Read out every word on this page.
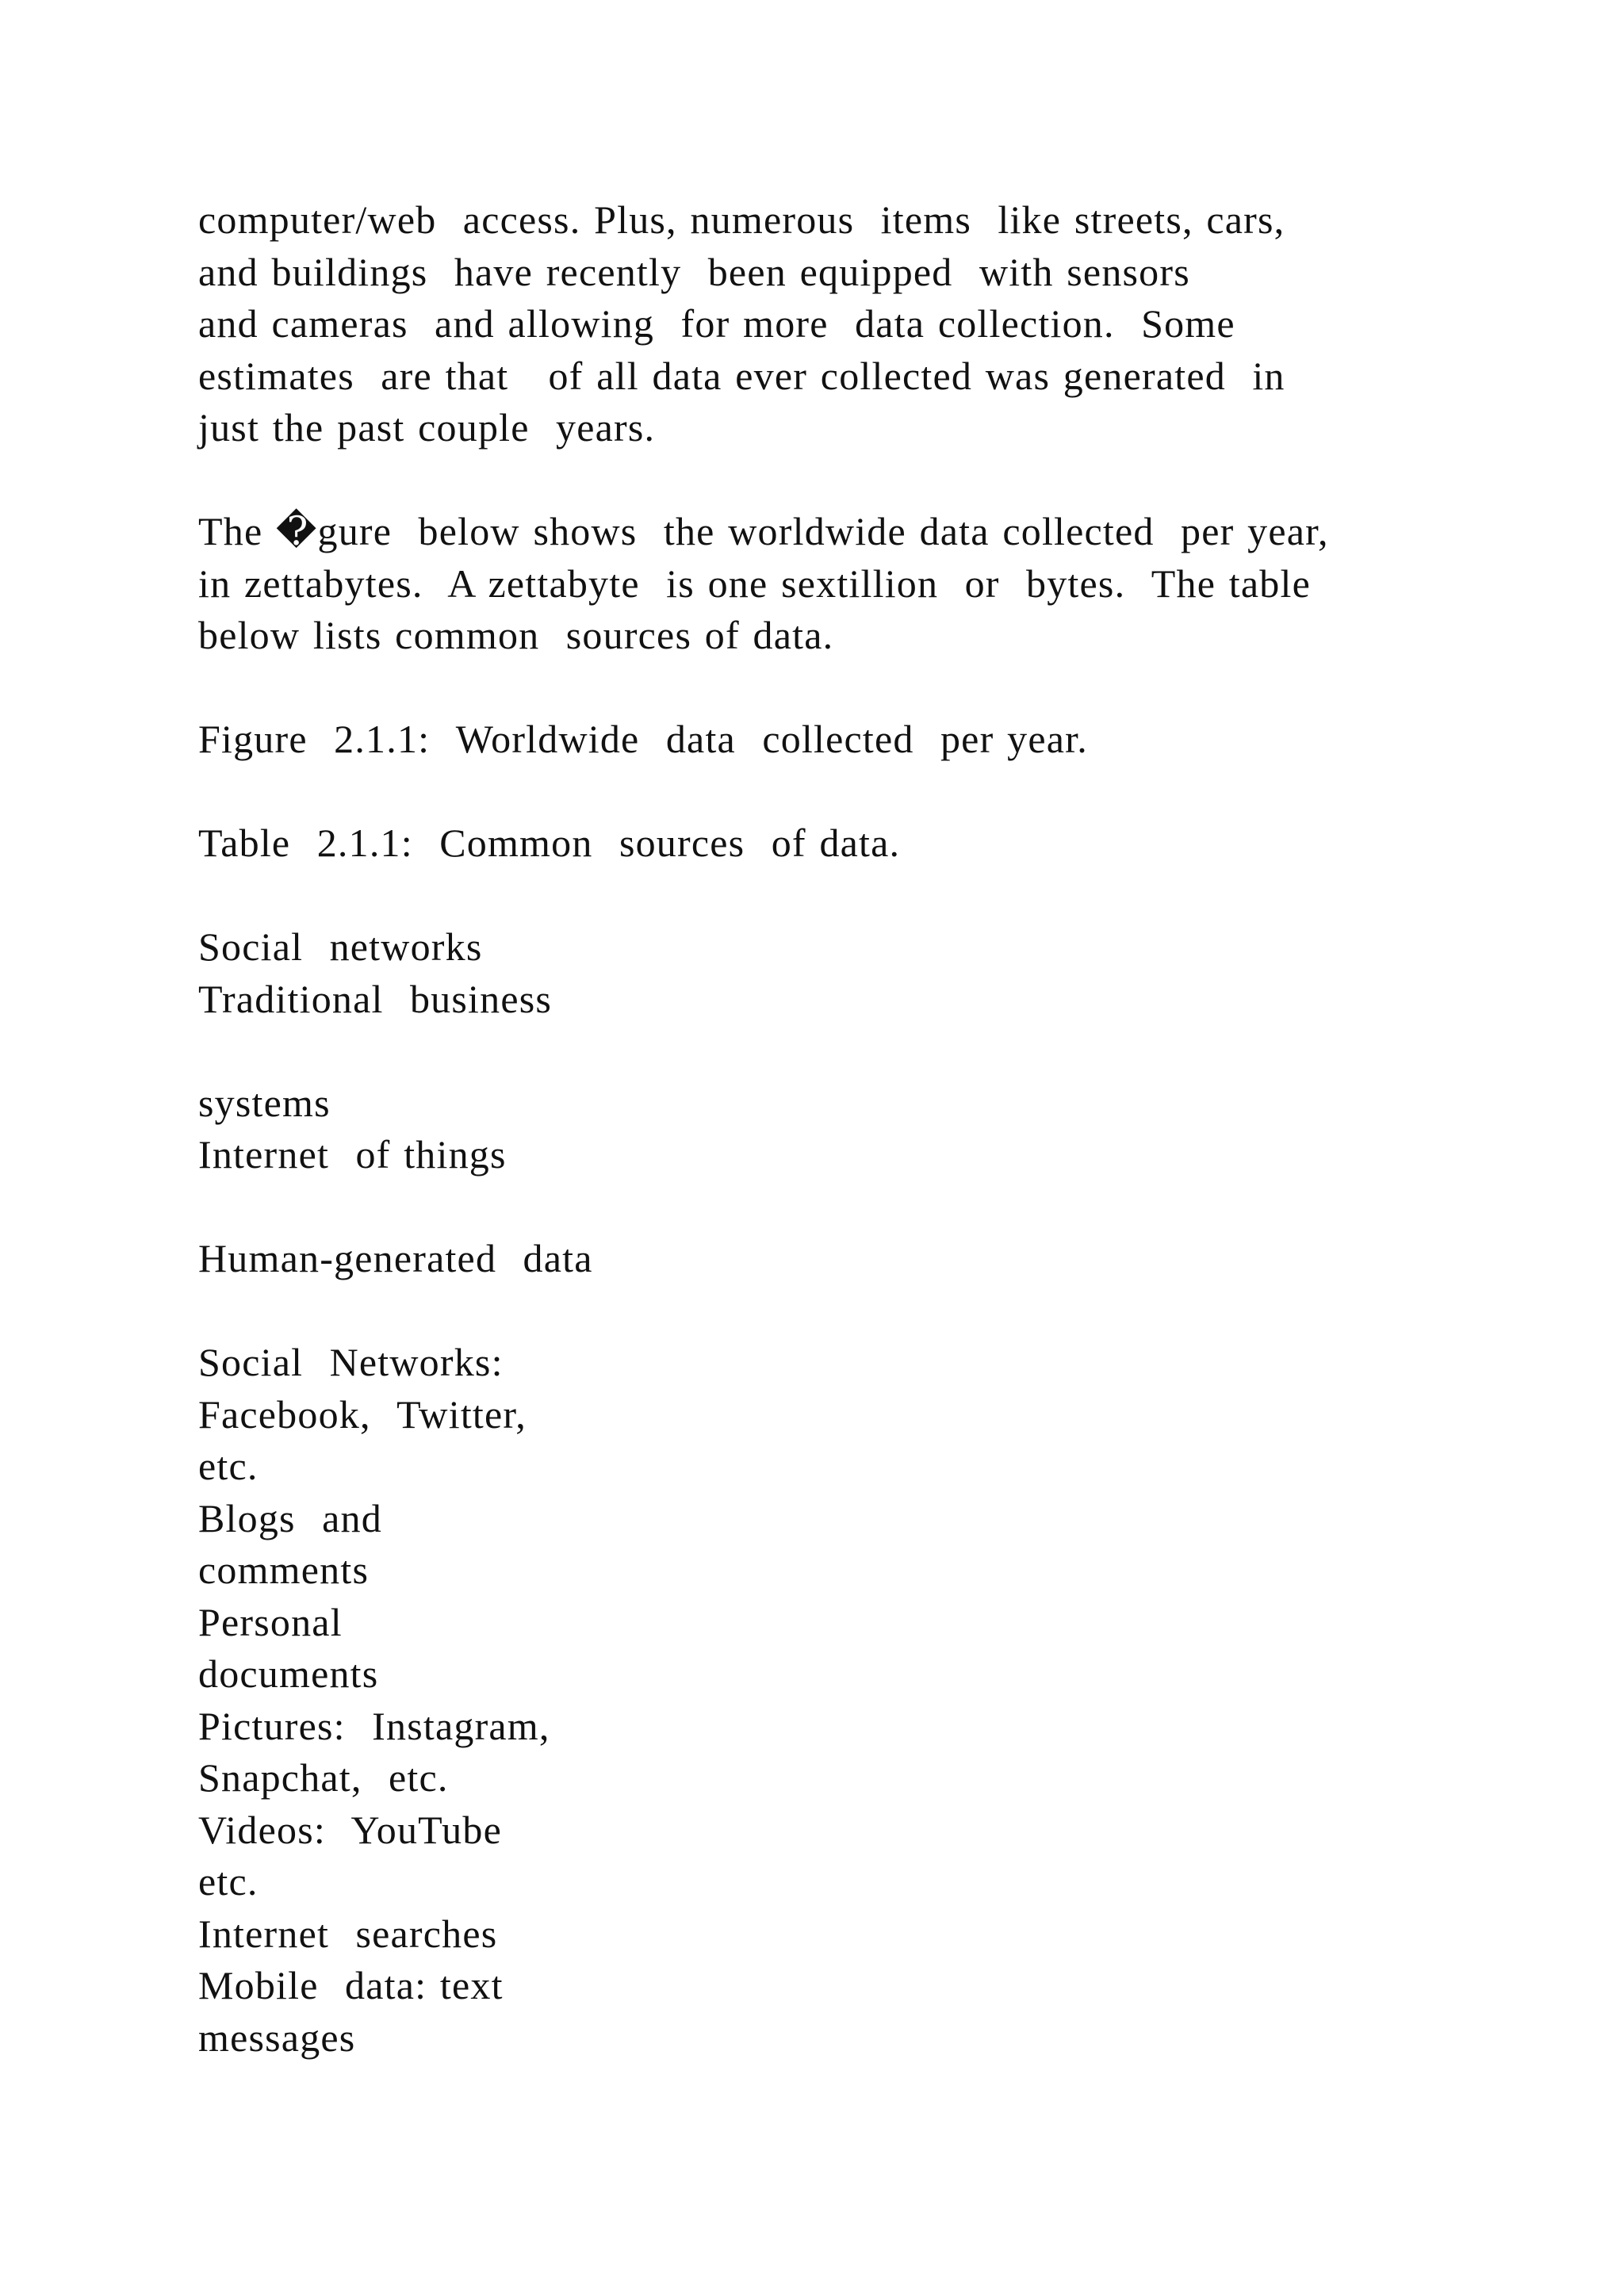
computer/web  access. Plus, numerous  items  like streets, cars,
and buildings  have recently  been equipped  with sensors
and cameras  and allowing  for more  data collection.  Some
estimates  are that   of all data ever collected was generated  in
just the past couple  years.
The �gure  below shows  the worldwide data collected  per year,
in zettabytes.  A zettabyte  is one sextillion  or  bytes.  The table
below lists common  sources of data.
Figure  2.1.1:  Worldwide  data  collected  per year.
Table  2.1.1:  Common  sources  of data.
Social  networks
Traditional  business
systems
Internet  of things
Human-generated  data
Social  Networks:
Facebook,  Twitter,
etc.
Blogs  and
comments
Personal
documents
Pictures:  Instagram,
Snapchat,  etc.
Videos:  YouTube
etc.
Internet  searches
Mobile  data: text
messages
